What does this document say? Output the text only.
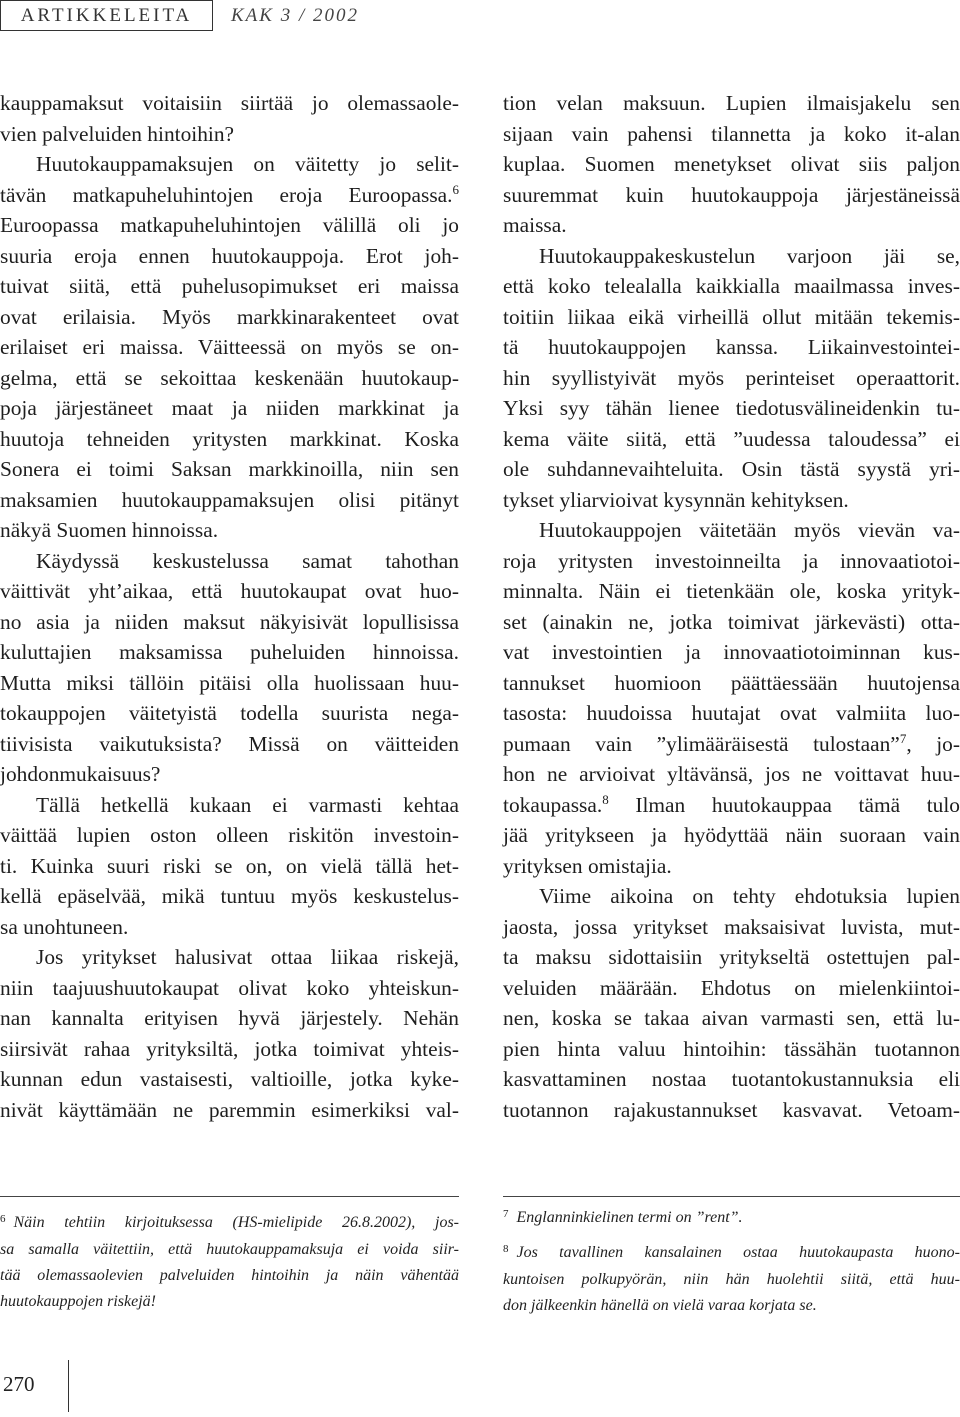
ARTIKKELEITA KAK 3 / 2002
kauppamaksut voitaisiin siirtää jo olemassaole-
vien palveluiden hintoihin?
Huutokauppamaksujen on väitetty jo selit-
tävän matkapuheluhintojen eroja Euroopassa.$^6$
Euroopassa matkapuheluhintojen välillä oli jo
suuria eroja ennen huutokauppoja. Erot joh-
tuivat siitä, että puhelusopimukset eri maissa
ovat erilaisia. Myös markkinarakenteet ovat
erilaiset eri maissa. Väitteessä on myös se on-
gelma, että se sekoittaa keskenään huutokaup-
poja järjestäneet maat ja niiden markkinat ja
huutoja tehneiden yritysten markkinat. Koska
Sonera ei toimi Saksan markkinoilla, niin sen
maksamien huutokauppamaksujen olisi pitänyt
näkyä Suomen hinnoissa.
Käydyssä keskustelussa samat tahothan
väittivät yht’aikaa, että huutokaupat ovat huo-
no asia ja niiden maksut näkyisivät lopullisissa
kuluttajien maksamissa puheluiden hinnoissa.
Mutta miksi tällöin pitäisi olla huolissaan huu-
tokauppojen väitetyistä todella suurista nega-
tiivisista vaikutuksista? Missä on väitteiden
johdonmukaisuus?
Tällä hetkellä kukaan ei varmasti kehtaa
väittää lupien oston olleen riskitön investoin-
ti. Kuinka suuri riski se on, on vielä tällä het-
kellä epäselvää, mikä tuntuu myös keskustelus-
sa unohtuneen.
Jos yritykset halusivat ottaa liikaa riskejä,
niin taajuushuutokaupat olivat koko yhteiskun-
nan kannalta erityisen hyvä järjestely. Nehän
siirsivät rahaa yrityksiltä, jotka toimivat yhteis-
kunnan edun vastaisesti, valtioille, jotka kyke-
nivät käyttämään ne paremmin esimerkiksi val-
tion velan maksuun. Lupien ilmaisjakelu sen
sijaan vain pahensi tilannetta ja koko it-alan
kuplaa. Suomen menetykset olivat siis paljon
suuremmat kuin huutokauppoja järjestäneissä
maissa.
Huutokauppakeskustelun varjoon jäi se,
että koko telealalla kaikkialla maailmassa inves-
toitiin liikaa eikä virheillä ollut mitään tekemis-
tä huutokauppojen kanssa. Liikainvestointei-
hin syyllistyivät myös perinteiset operaattorit.
Yksi syy tähän lienee tiedotusvälineidenkin tu-
kema väite siitä, että ”uudessa taloudessa” ei
ole suhdannevaihteluita. Osin tästä syystä yri-
tykset yliarvioivat kysynnän kehityksen.
Huutokauppojen väitetään myös vievän va-
roja yritysten investoinneilta ja innovaatiotoi-
minnalta. Näin ei tietenkään ole, koska yrityk-
set (ainakin ne, jotka toimivat järkevästi) otta-
vat investointien ja innovaatiotoiminnan kus-
tannukset huomioon päättäessään huutojensa
tasosta: huudoissa huutajat ovat valmiita luo-
pumaan vain ”ylimääräisestä tulostaan”$^7$, jo-
hon ne arvioivat yltävänsä, jos ne voittavat huu-
tokaupassa.$^8$ Ilman huutokauppaa tämä tulo
jää yritykseen ja hyödyttää näin suoraan vain
yrityksen omistajia.
Viime aikoina on tehty ehdotuksia lupien
jaosta, jossa yritykset maksaisivat luvista, mut-
ta maksu sidottaisiin yritykseltä ostettujen pal-
veluiden määrään. Ehdotus on mielenkiintoi-
nen, koska se takaa aivan varmasti sen, että lu-
pien hinta valuu hintoihin: tässähän tuotannon
kasvattaminen nostaa tuotantokustannuksia eli
tuotannon rajakustannukset kasvavat. Vetoam-
$^6$ Näin tehtiin kirjoituksessa (HS-mielipide 26.8.2002), jos-
sa samalla väitettiin, että huutokauppamaksuja ei voida siir-
tää olemassaolevien palveluiden hintoihin ja näin vähentää
huutokauppojen riskejä!
$^7$ Englanninkielinen termi on ”rent”.
$^8$ Jos tavallinen kansalainen ostaa huutokaupasta huono-
kuntoisen polkupyörän, niin hän huolehtii siitä, että huu-
don jälkeenkin hänellä on vielä varaa korjata se.
270
